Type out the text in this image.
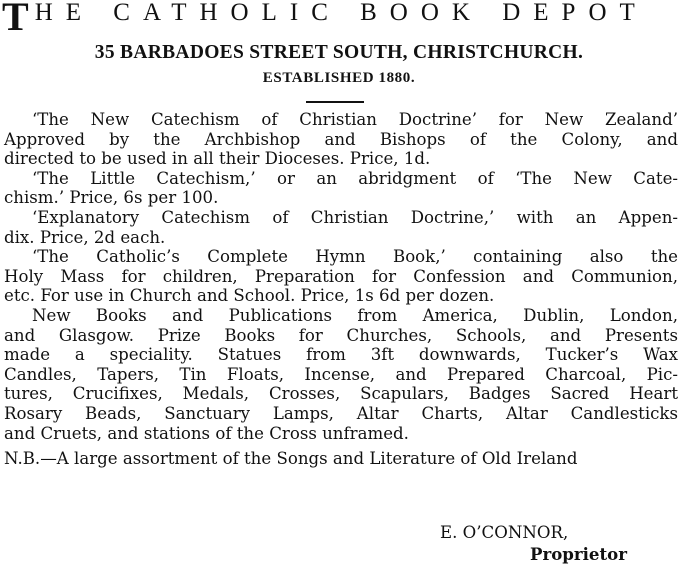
THE CATHOLIC BOOK DEPOT
35 BARBADOES STREET SOUTH, CHRISTCHURCH.
ESTABLISHED 1880.
‘The New Catechism of Christian Doctrine’ for New Zealand’
Approved by the Archbishop and Bishops of the Colony, and
directed to be used in all their Dioceses. Price, 1d.
‘The Little Catechism,’ or an abridgment of ‘The New Cate-
chism.’ Price, 6s per 100.
‘Explanatory Catechism of Christian Doctrine,’ with an Appen-
dix. Price, 2d each.
‘The Catholic’s Complete Hymn Book,’ containing also the
Holy Mass for children, Preparation for Confession and Communion,
etc. For use in Church and School. Price, 1s 6d per dozen.
New Books and Publications from America, Dublin, London,
and Glasgow. Prize Books for Churches, Schools, and Presents
made a speciality. Statues from 3ft downwards, Tucker’s Wax
Candles, Tapers, Tin Floats, Incense, and Prepared Charcoal, Pic-
tures, Crucifixes, Medals, Crosses, Scapulars, Badges Sacred Heart
Rosary Beads, Sanctuary Lamps, Altar Charts, Altar Candlesticks
and Cruets, and stations of the Cross unframed.
N.B.—A large assortment of the Songs and Literature of Old Ireland
E. O’CONNOR,
Proprietor
